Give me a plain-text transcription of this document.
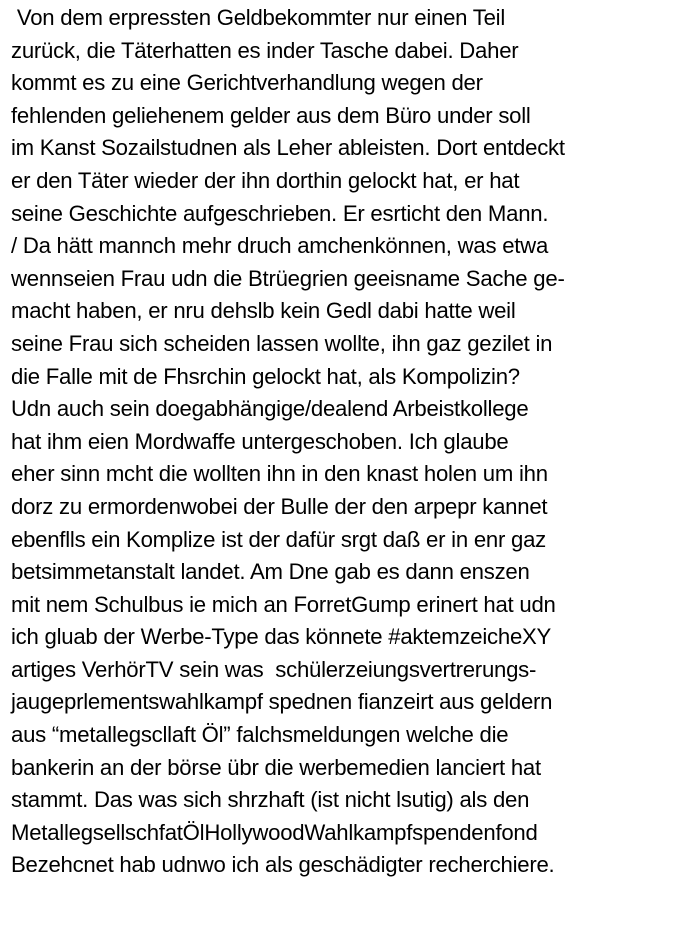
Von dem erpressten Geldbekommter nur einen Teil
zurück, die Täterhatten es inder Tasche dabei. Daher
kommt es zu eine Gerichtverhandlung wegen der
fehlenden geliehenem gelder aus dem Büro under soll
im Kanst Sozailstudnen als Leher ableisten. Dort entdeckt
er den Täter wieder der ihn dorthin gelockt hat, er hat
seine Geschichte aufgeschrieben. Er esrticht den Mann.
/ Da hätt mannch mehr druch amchenkönnen, was etwa
wennseien Frau udn die Btrüegrien geeisname Sache ge-
macht haben, er nru dehslb kein Gedl dabi hatte weil
seine Frau sich scheiden lassen wollte, ihn gaz gezilet in
die Falle mit de Fhsrchin gelockt hat, als Kompolizin?
Udn auch sein doegabhängige/dealend Arbeistkollege
hat ihm eien Mordwaffe untergeschoben. Ich glaube
eher sinn mcht die wollten ihn in den knast holen um ihn
dorz zu ermordenwobei der Bulle der den arpepr kannet
ebenflls ein Komplize ist der dafür srgt daß er in enr gaz
betsimmetanstalt landet. Am Dne gab es dann enszen
mit nem Schulbus ie mich an ForretGump erinert hat udn
ich gluab der Werbe-Type das könnete #aktemzeicheXY
artiges VerhörTV sein was  schülerzeiungsvertrerungs-
jaugeprlementswahlkampf spednen fianzeirt aus geldern
aus “metallegscllaft Öl” falchsmeldungen welche die
bankerin an der börse übr die werbemedien lanciert hat
stammt. Das was sich shrzhaft (ist nicht lsutig) als den
MetallegsellschfatÖlHollywoodWahlkampfspendenfond
Bezehcnet hab udnwo ich als geschädigter recherchiere.
